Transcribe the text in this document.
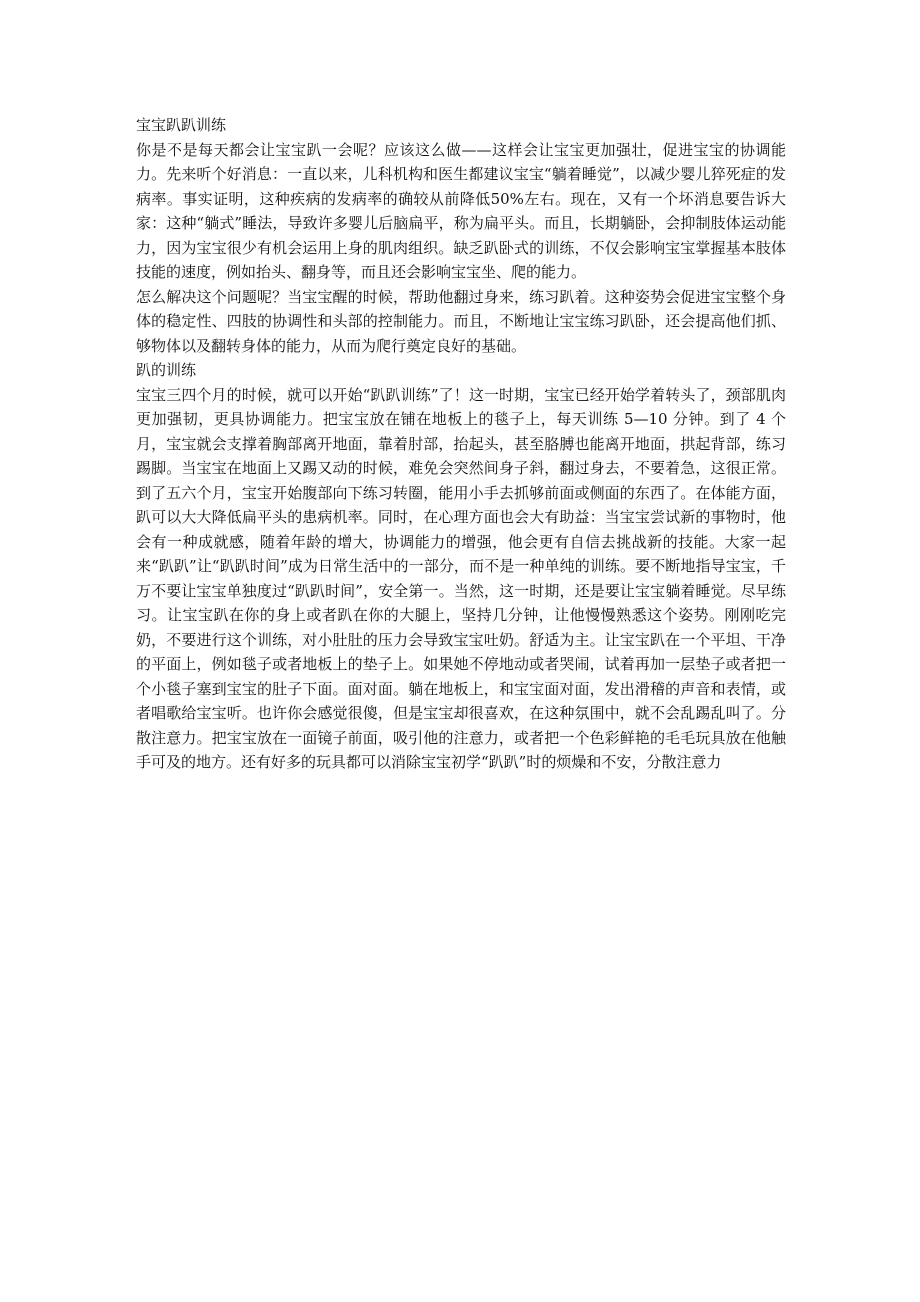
宝宝趴趴训练

你是不是每天都会让宝宝趴一会呢？应该这么做——这样会让宝宝更加强壮，促进宝宝的协调能力。先来听个好消息：一直以来，儿科机构和医生都建议宝宝“躺着睡觉”，以减少婴儿猝死症的发病率。事实证明，这种疾病的发病率的确较从前降低50%左右。现在，又有一个坏消息要告诉大家：这种“躺式”睡法，导致许多婴儿后脑扁平，称为扁平头。而且，长期躺卧，会抑制肢体运动能力，因为宝宝很少有机会运用上身的肌肉组织。缺乏趴卧式的训练，不仅会影响宝宝掌握基本肢体技能的速度，例如抬头、翻身等，而且还会影响宝宝坐、爬的能力。

怎么解决这个问题呢？当宝宝醒的时候，帮助他翻过身来，练习趴着。这种姿势会促进宝宝整个身体的稳定性、四肢的协调性和头部的控制能力。而且，不断地让宝宝练习趴卧，还会提高他们抓、够物体以及翻转身体的能力，从而为爬行奠定良好的基础。

趴的训练

宝宝三四个月的时候，就可以开始“趴趴训练”了！这一时期，宝宝已经开始学着转头了，颈部肌肉更加强韧，更具协调能力。把宝宝放在铺在地板上的毯子上，每天训练 5—10 分钟。到了 4 个月，宝宝就会支撑着胸部离开地面，靠着肘部，抬起头，甚至胳膊也能离开地面，拱起背部，练习踢脚。当宝宝在地面上又踢又动的时候，难免会突然间身子斜，翻过身去，不要着急，这很正常。到了五六个月，宝宝开始腹部向下练习转圈，能用小手去抓够前面或侧面的东西了。在体能方面，趴可以大大降低扁平头的患病机率。同时，在心理方面也会大有助益：当宝宝尝试新的事物时，他会有一种成就感，随着年龄的增大，协调能力的增强，他会更有自信去挑战新的技能。大家一起来“趴趴”让“趴趴时间”成为日常生活中的一部分，而不是一种单纯的训练。要不断地指导宝宝，千万不要让宝宝单独度过“趴趴时间”，安全第一。当然，这一时期，还是要让宝宝躺着睡觉。尽早练习。让宝宝趴在你的身上或者趴在你的大腿上，坚持几分钟，让他慢慢熟悉这个姿势。刚刚吃完奶，不要进行这个训练，对小肚肚的压力会导致宝宝吐奶。舒适为主。让宝宝趴在一个平坦、干净的平面上，例如毯子或者地板上的垫子上。如果她不停地动或者哭闹，试着再加一层垫子或者把一个小毯子塞到宝宝的肚子下面。面对面。躺在地板上，和宝宝面对面，发出滑稽的声音和表情，或者唱歌给宝宝听。也许你会感觉很傻，但是宝宝却很喜欢，在这种氛围中，就不会乱踢乱叫了。分散注意力。把宝宝放在一面镜子前面，吸引他的注意力，或者把一个色彩鲜艳的毛毛玩具放在他触手可及的地方。还有好多的玩具都可以消除宝宝初学“趴趴”时的烦燥和不安，分散注意力
